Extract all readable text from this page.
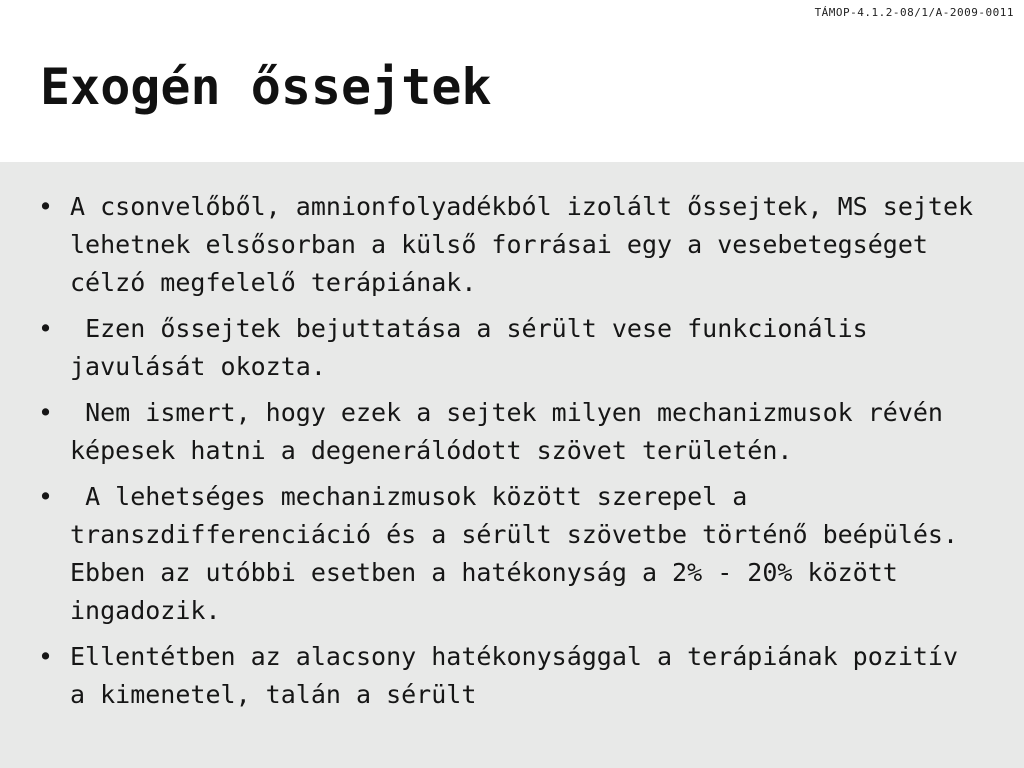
TÁMOP-4.1.2-08/1/A-2009-0011
Exogén őssejtek
• A csonvelőből, amnionfolyadékból izolált őssejtek, MS sejtek lehetnek elsősorban a külső forrásai egy a vesebetegséget célzó megfelelő terápiának.
• Ezen őssejtek bejuttatása a sérült vese funkcionális javulását okozta.
• Nem ismert, hogy ezek a sejtek milyen mechanizmusok révén képesek hatni a degenerálódott szövet területén.
• A lehetséges mechanizmusok között szerepel a transzdifferenciáció és a sérült szövetbe történő beépülés. Ebben az utóbbi esetben a hatékonyság a 2% - 20% között ingadozik.
• Ellentétben az alacsony hatékonysággal a terápiának pozitív a kimenetel, talán a sérült
